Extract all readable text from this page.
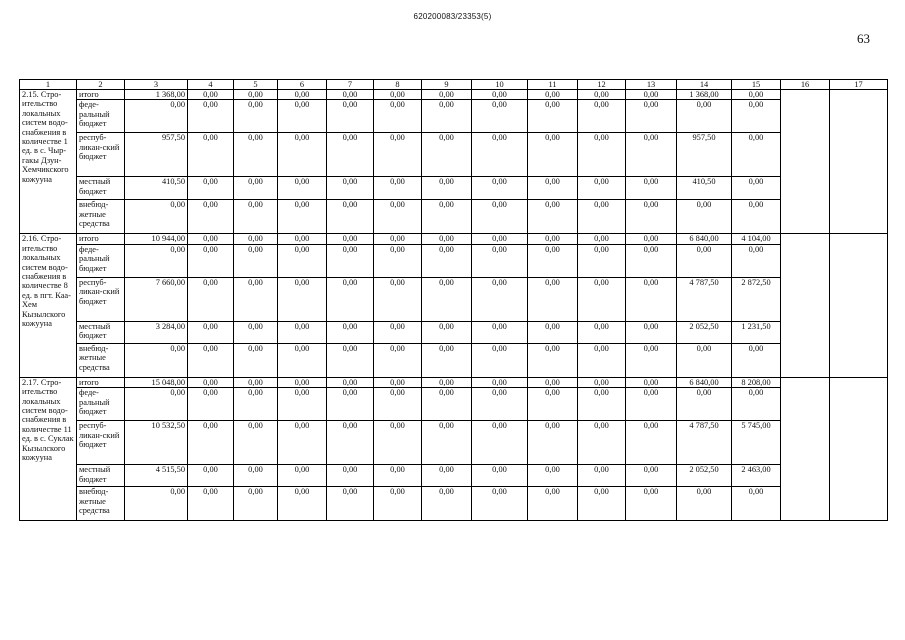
620200083/23353(5)
63
1	2	3	4	5	6	7	8	9	10	11	12	13	14	15	16	17
2.15. Стро-ительство локальных систем водо-снабжения в количестве 1 ед. в с. Чыр-гакы Дзун-Хемчикского кожууна	итого	1 368,00	0,00	0,00	0,00	0,00	0,00	0,00	0,00	0,00	0,00	0,00	1 368,00	0,00		
	феде-ральный бюджет	0,00	0,00	0,00	0,00	0,00	0,00	0,00	0,00	0,00	0,00	0,00	0,00	0,00		
	респуб-ликан-ский бюджет	957,50	0,00	0,00	0,00	0,00	0,00	0,00	0,00	0,00	0,00	0,00	957,50	0,00		
	местный бюджет	410,50	0,00	0,00	0,00	0,00	0,00	0,00	0,00	0,00	0,00	0,00	410,50	0,00		
	внебюд-жетные средства	0,00	0,00	0,00	0,00	0,00	0,00	0,00	0,00	0,00	0,00	0,00	0,00	0,00		
2.16. Стро-ительство локальных систем водо-снабжения в количестве 8 ед. в пгт. Каа-Хем Кызылского кожууна	итого	10 944,00	0,00	0,00	0,00	0,00	0,00	0,00	0,00	0,00	0,00	0,00	6 840,00	4 104,00		
	феде-ральный бюджет	0,00	0,00	0,00	0,00	0,00	0,00	0,00	0,00	0,00	0,00	0,00	0,00	0,00		
	респуб-ликан-ский бюджет	7 660,00	0,00	0,00	0,00	0,00	0,00	0,00	0,00	0,00	0,00	0,00	4 787,50	2 872,50		
	местный бюджет	3 284,00	0,00	0,00	0,00	0,00	0,00	0,00	0,00	0,00	0,00	0,00	2 052,50	1 231,50		
	внебюд-жетные средства	0,00	0,00	0,00	0,00	0,00	0,00	0,00	0,00	0,00	0,00	0,00	0,00	0,00		
2.17. Стро-ительство локальных систем водо-снабжения в количестве 11 ед. в с. Суклак Кызылского кожууна	итого	15 048,00	0,00	0,00	0,00	0,00	0,00	0,00	0,00	0,00	0,00	0,00	6 840,00	8 208,00		
	феде-ральный бюджет	0,00	0,00	0,00	0,00	0,00	0,00	0,00	0,00	0,00	0,00	0,00	0,00	0,00		
	респуб-ликан-ский бюджет	10 532,50	0,00	0,00	0,00	0,00	0,00	0,00	0,00	0,00	0,00	0,00	4 787,50	5 745,00		
	местный бюджет	4 515,50	0,00	0,00	0,00	0,00	0,00	0,00	0,00	0,00	0,00	0,00	2 052,50	2 463,00		
	внебюд-жетные средства	0,00	0,00	0,00	0,00	0,00	0,00	0,00	0,00	0,00	0,00	0,00	0,00	0,00		
